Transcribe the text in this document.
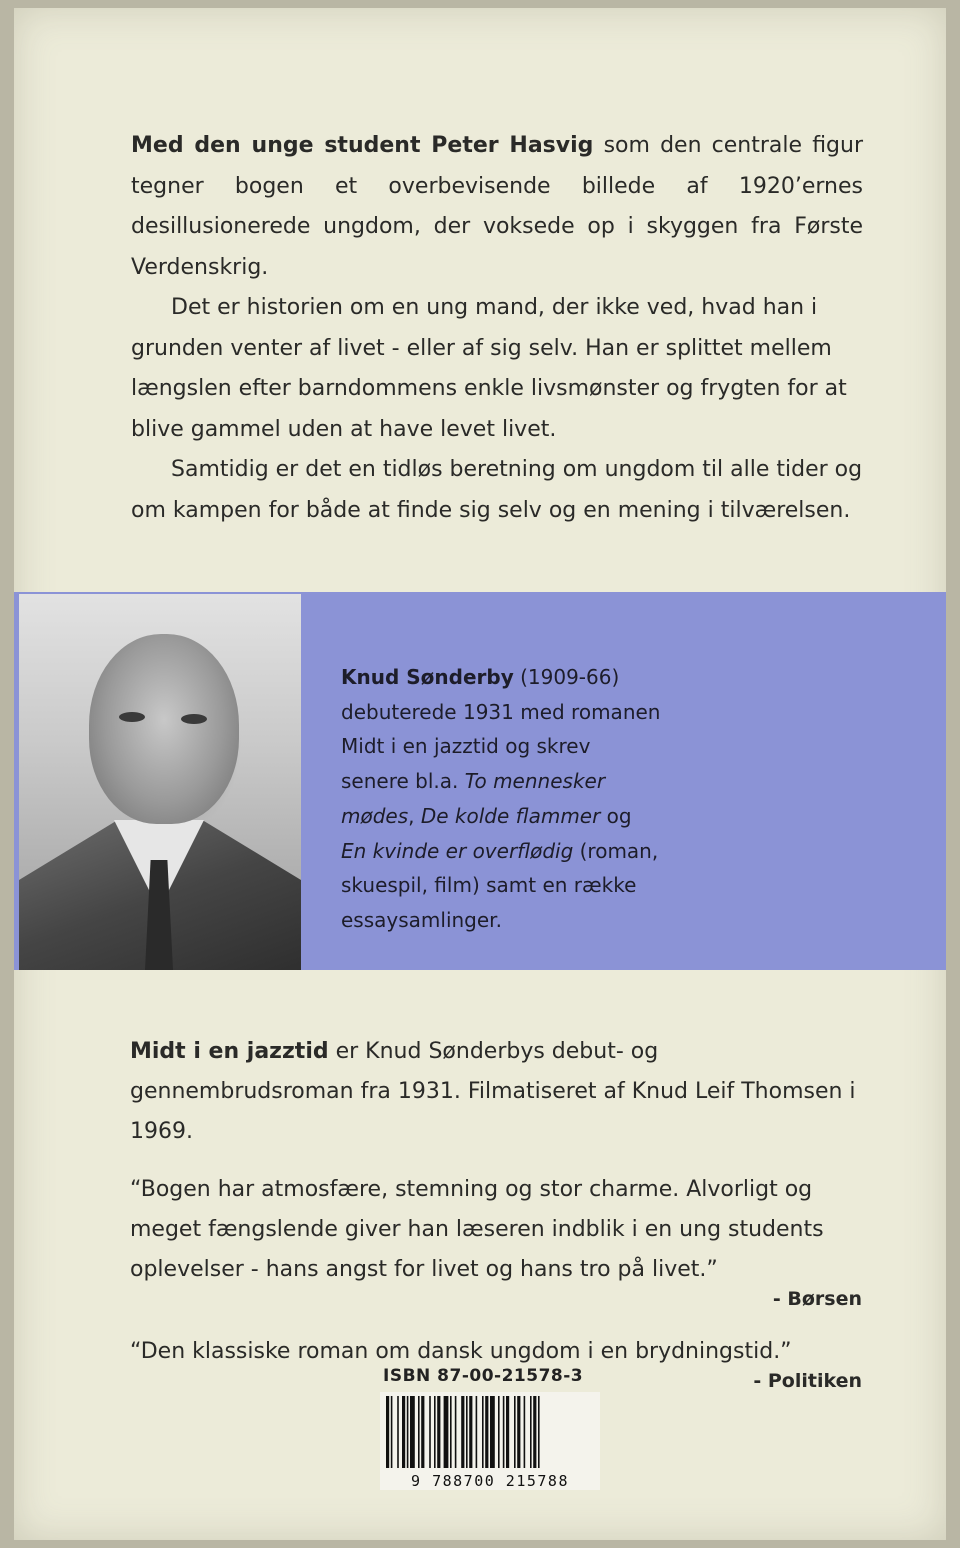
Med den unge student Peter Hasvig som den centrale figur tegner bogen et overbevisende billede af 1920’ernes desillusionerede ungdom, der voksede op i skyggen fra Første Verdenskrig.

Det er historien om en ung mand, der ikke ved, hvad han i grunden venter af livet - eller af sig selv. Han er splittet mellem længslen efter barndommens enkle livsmønster og frygten for at blive gammel uden at have levet livet.

Samtidig er det en tidløs beretning om ungdom til alle tider og om kampen for både at finde sig selv og en mening i tilværelsen.

Knud Sønderby (1909-66)
debuterede 1931 med romanen Midt i en jazztid og skrev senere bl.a. To mennesker mødes, De kolde flammer og
En kvinde er overflødig (roman, skuespil, film) samt en række essaysamlinger.

Midt i en jazztid er Knud Sønderbys debut- og gennembrudsroman fra 1931. Filmatiseret af Knud Leif Thomsen i 1969.

“Bogen har atmosfære, stemning og stor charme. Alvorligt og meget fængslende giver han læseren indblik i en ung students oplevelser - hans angst for livet og hans tro på livet.”

- Børsen

“Den klassiske roman om dansk ungdom i en brydningstid.”

- Politiken

ISBN 87-00-21578-3
9 788700 215788
